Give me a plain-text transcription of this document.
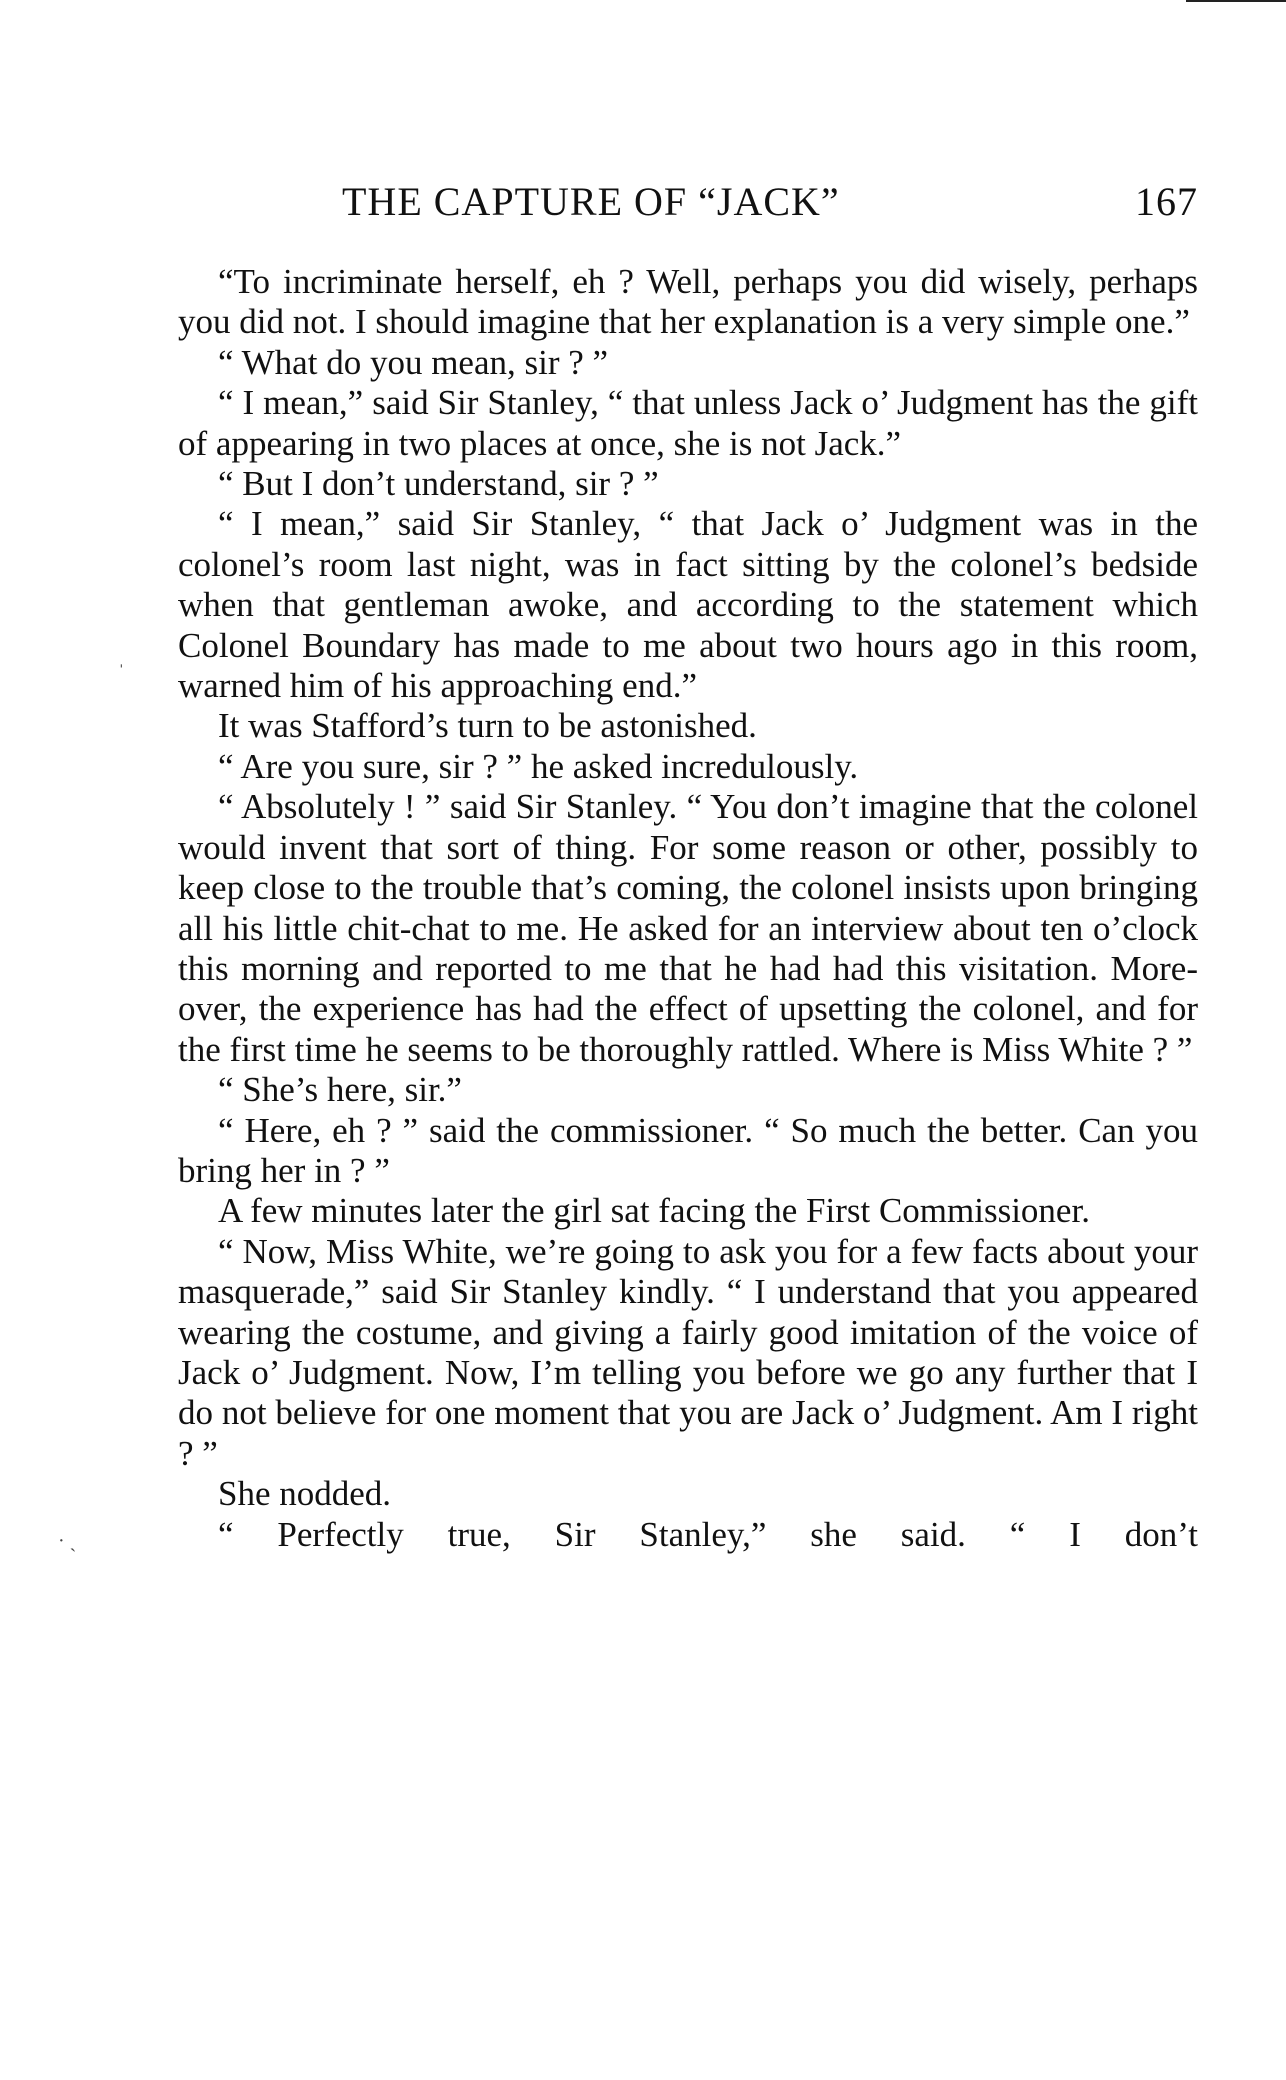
THE CAPTURE OF “JACK”	167
ˌ
· ˏ

“To incriminate herself, eh ? Well, perhaps you did wisely, perhaps you did not. I should imagine that her explanation is a very simple one.”

“ What do you mean, sir ? ”

“ I mean,” said Sir Stanley, “ that unless Jack o’ Judgment has the gift of appearing in two places at once, she is not Jack.”

“ But I don’t understand, sir ? ”

“ I mean,” said Sir Stanley, “ that Jack o’ Judgment was in the colonel’s room last night, was in fact sitting by the colonel’s bedside when that gentleman awoke, and according to the statement which Colonel Boundary has made to me about two hours ago in this room, warned him of his approaching end.”

It was Stafford’s turn to be astonished.

“ Are you sure, sir ? ” he asked incredulously.

“ Absolutely ! ” said Sir Stanley. “ You don’t imagine that the colonel would invent that sort of thing. For some reason or other, possibly to keep close to the trouble that’s coming, the colonel insists upon bringing all his little chit-chat to me. He asked for an interview about ten o’clock this morning and reported to me that he had had this visitation. More-over, the experience has had the effect of upsetting the colonel, and for the first time he seems to be thoroughly rattled. Where is Miss White ? ”

“ She’s here, sir.”

“ Here, eh ? ” said the commissioner. “ So much the better. Can you bring her in ? ”

A few minutes later the girl sat facing the First Commissioner.

“ Now, Miss White, we’re going to ask you for a few facts about your masquerade,” said Sir Stanley kindly. “ I understand that you appeared wearing the costume, and giving a fairly good imitation of the voice of Jack o’ Judgment. Now, I’m telling you before we go any further that I do not believe for one moment that you are Jack o’ Judgment. Am I right ? ”

She nodded.

“ Perfectly true, Sir Stanley,” she said. “ I don’t
